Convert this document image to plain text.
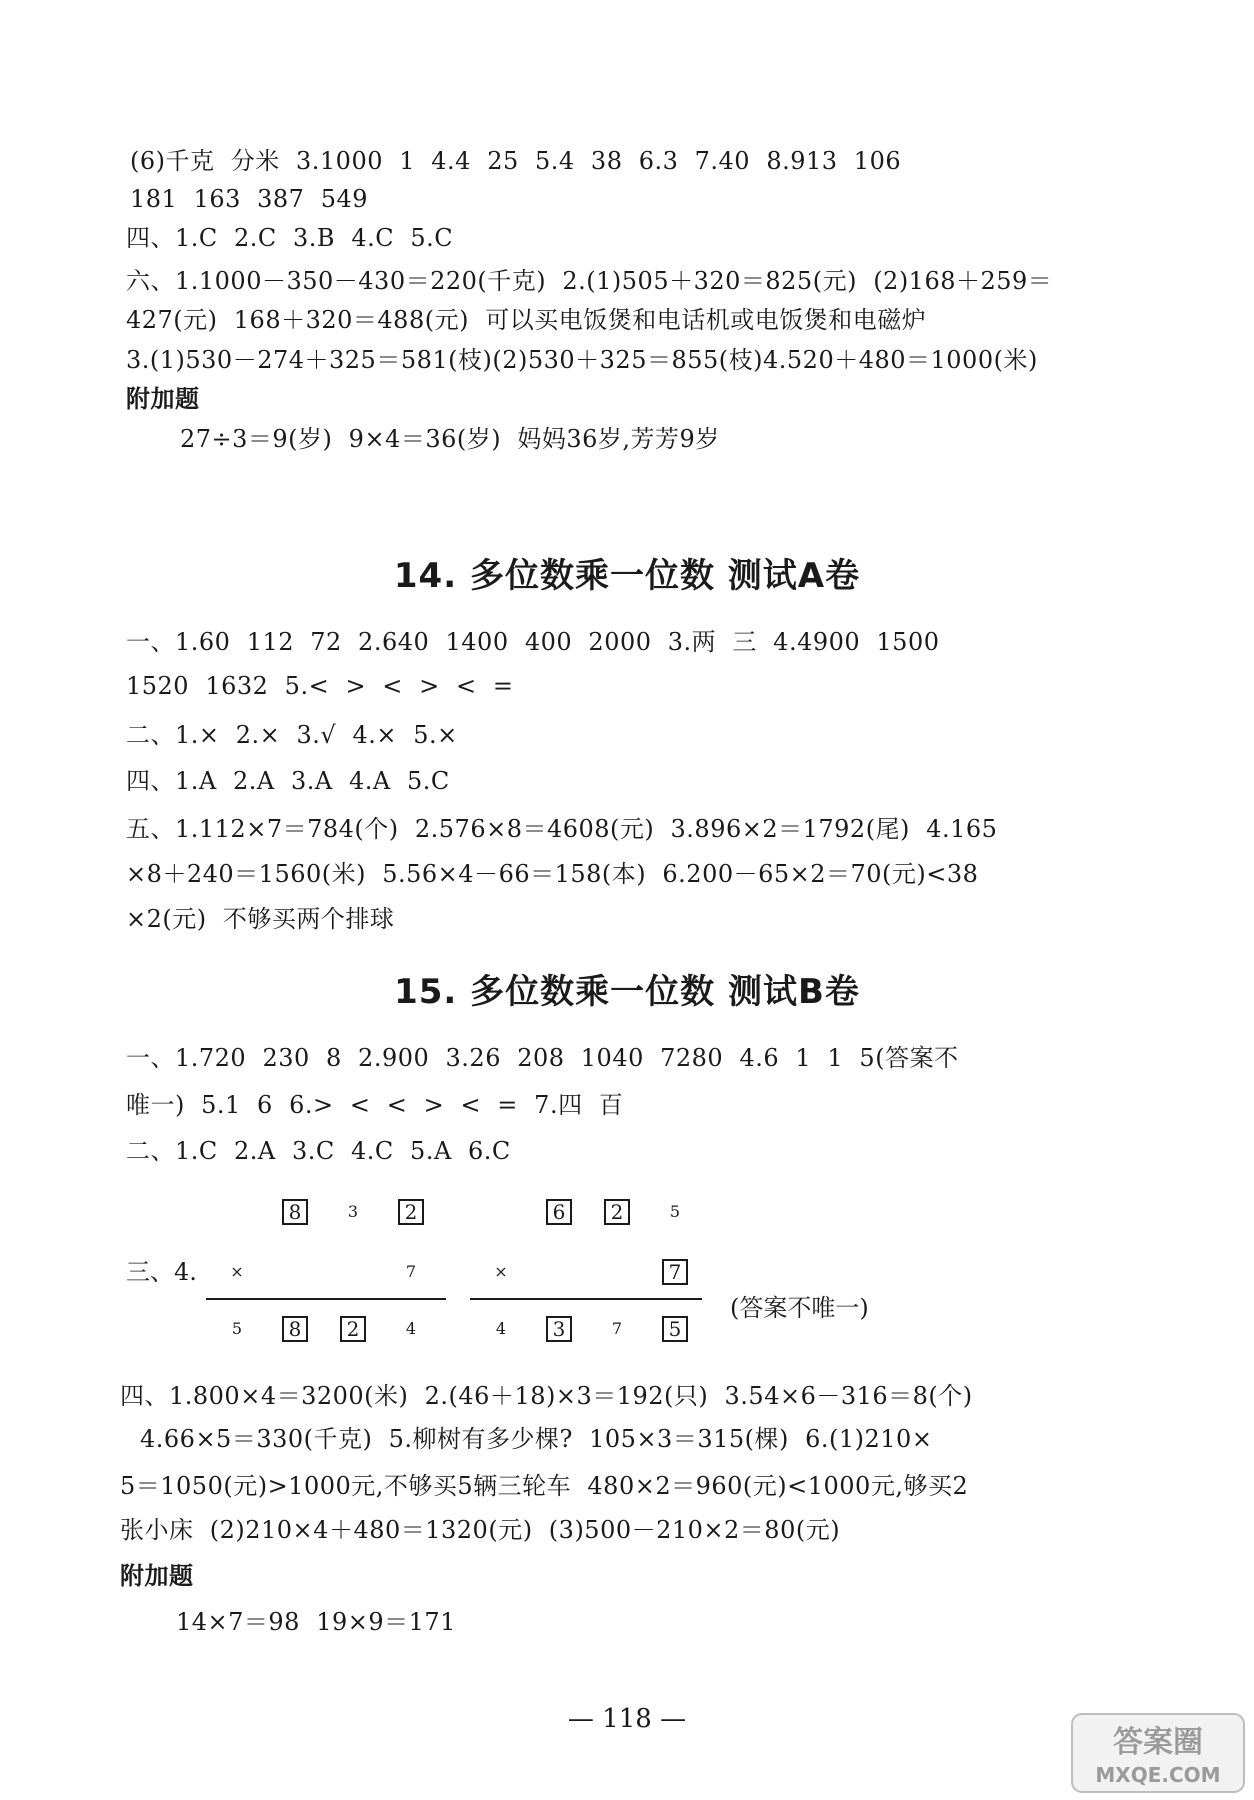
(6)千克  分米  3.1000  1  4.4  25  5.4  38  6.3  7.40  8.913  106
181  163  387  549
四、1.C  2.C  3.B  4.C  5.C
六、1.1000－350－430＝220(千克)  2.(1)505＋320＝825(元)  (2)168＋259＝
427(元)  168＋320＝488(元)  可以买电饭煲和电话机或电饭煲和电磁炉
3.(1)530－274＋325＝581(枝)(2)530＋325＝855(枝)4.520＋480＝1000(米)
附加题
27÷3＝9(岁)  9×4＝36(岁)  妈妈36岁,芳芳9岁
14. 多位数乘一位数 测试A卷
一、1.60  112  72  2.640  1400  400  2000  3.两  三  4.4900  1500
1520  1632  5.<  >  <  >  <  =
二、1.×  2.×  3.√  4.×  5.×
四、1.A  2.A  3.A  4.A  5.C
五、1.112×7＝784(个)  2.576×8＝4608(元)  3.896×2＝1792(尾)  4.165
×8＋240＝1560(米)  5.56×4－66＝158(本)  6.200－65×2＝70(元)<38
×2(元)  不够买两个排球
15. 多位数乘一位数 测试B卷
一、1.720  230  8  2.900  3.26  208  1040  7280  4.6  1  1  5(答案不
唯一)  5.1  6  6.>  <  <  >  <  =  7.四  百
二、1.C  2.A  3.C  4.C  5.A  6.C
三、4.
8	3	2
×	7
5	8	2	4
6	2	5
×	7
4	3	7	5
(答案不唯一)
四、1.800×4＝3200(米)  2.(46＋18)×3＝192(只)  3.54×6－316＝8(个)
4.66×5＝330(千克)  5.柳树有多少棵?  105×3＝315(棵)  6.(1)210×
5＝1050(元)>1000元,不够买5辆三轮车  480×2＝960(元)<1000元,够买2
张小床  (2)210×4＋480＝1320(元)  (3)500－210×2＝80(元)
附加题
14×7＝98  19×9＝171
— 118 —
答案圈
MXQE.COM
